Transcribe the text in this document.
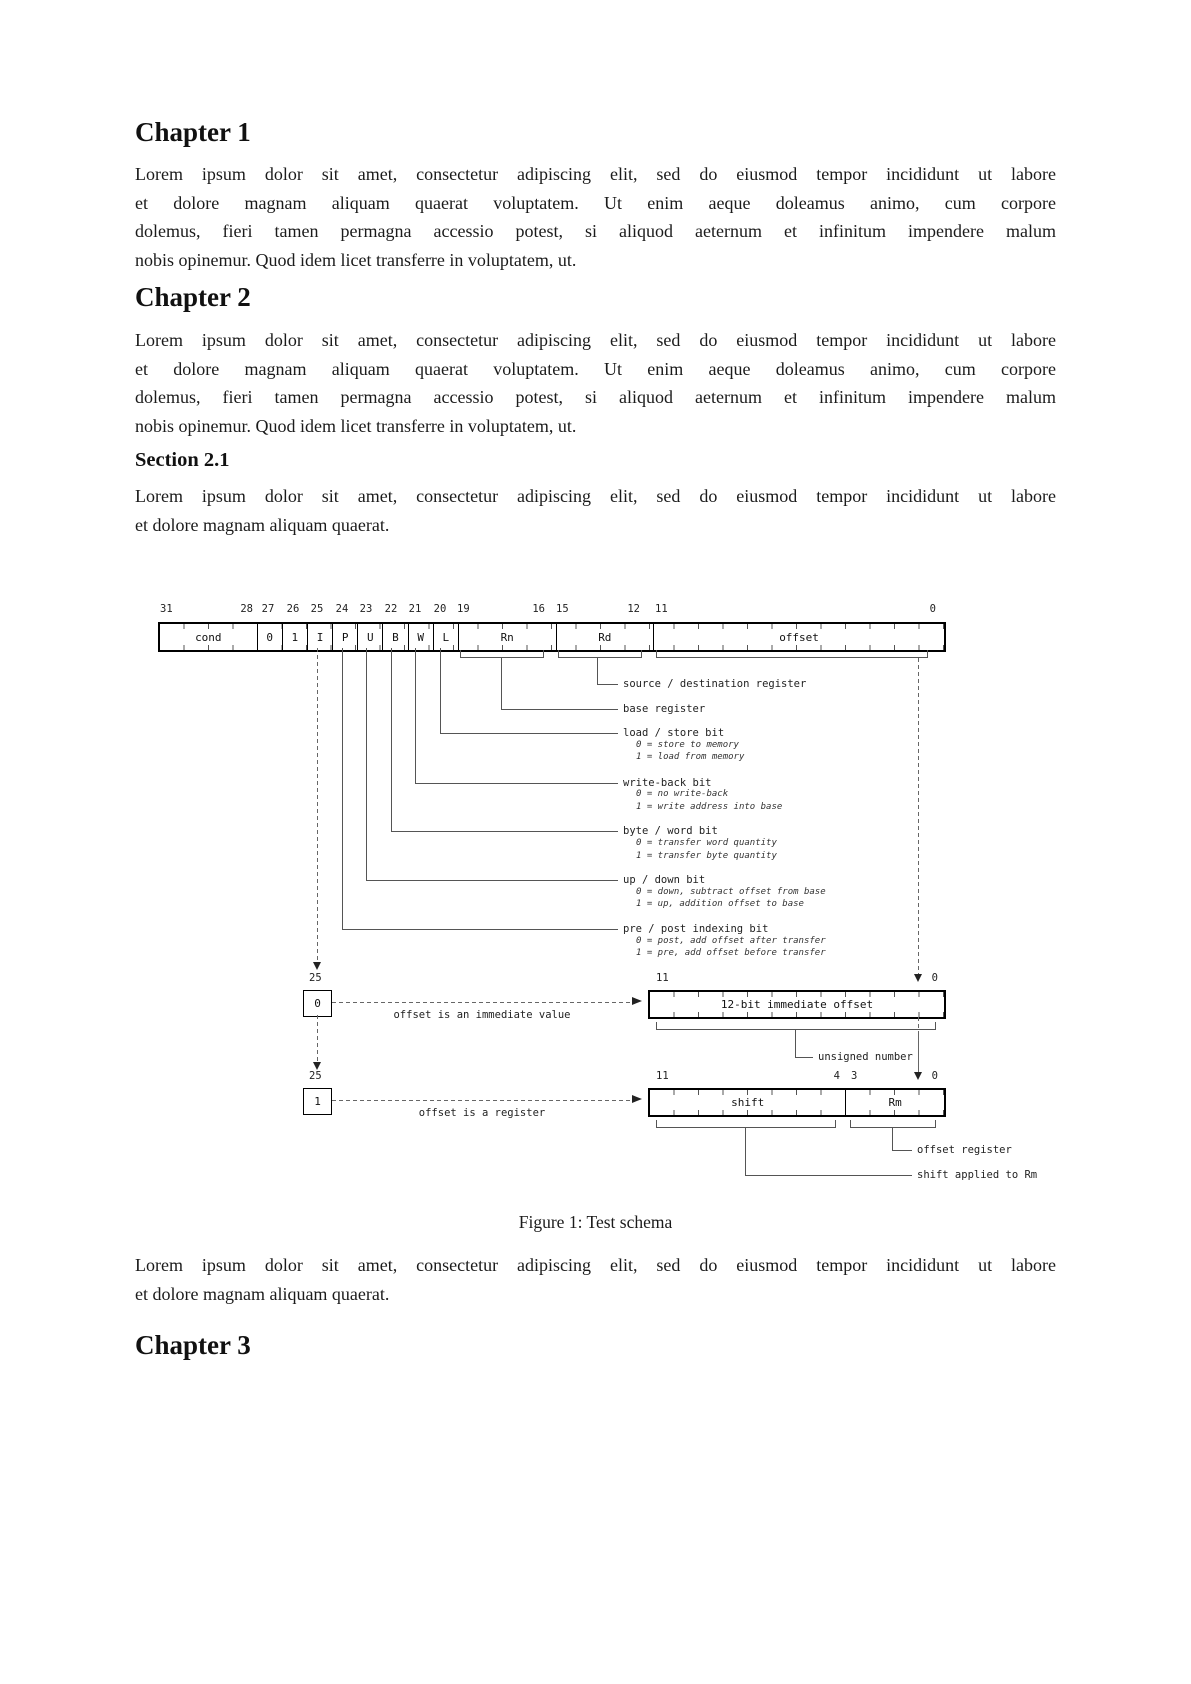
Chapter 1
Lorem ipsum dolor sit amet, consectetur adipiscing elit, sed do eiusmod tempor incididunt ut labore
et dolore magnam aliquam quaerat voluptatem. Ut enim aeque doleamus animo, cum corpore
dolemus, fieri tamen permagna accessio potest, si aliquod aeternum et infinitum impendere malum
nobis opinemur. Quod idem licet transferre in voluptatem, ut.
Chapter 2
Lorem ipsum dolor sit amet, consectetur adipiscing elit, sed do eiusmod tempor incididunt ut labore
et dolore magnam aliquam quaerat voluptatem. Ut enim aeque doleamus animo, cum corpore
dolemus, fieri tamen permagna accessio potest, si aliquod aeternum et infinitum impendere malum
nobis opinemur. Quod idem licet transferre in voluptatem, ut.
Section 2.1
Lorem ipsum dolor sit amet, consectetur adipiscing elit, sed do eiusmod tempor incididunt ut labore
et dolore magnam aliquam quaerat.
31	28 27	26	25	24	23	22	21	20	19	16 15	12 11	0
cond	0	1	I	P	U	B	W	L	Rn	Rd	offset
source / destination register
base register
load / store bit
0 = store to memory
1 = load from memory
write-back bit
0 = no write-back
1 = write address into base
byte / word bit
0 = transfer word quantity
1 = transfer byte quantity
up / down bit
0 = down, subtract offset from base
1 = up, addition offset to base
pre / post indexing bit
0 = post, add offset after transfer
1 = pre, add offset before transfer
25
0
offset is an immediate value
11	0
12-bit immediate offset
unsigned number
25
1
offset is a register
11	4 3	0
shift	Rm
offset register
shift applied to Rm
Figure 1: Test schema
Lorem ipsum dolor sit amet, consectetur adipiscing elit, sed do eiusmod tempor incididunt ut labore
et dolore magnam aliquam quaerat.
Chapter 3
